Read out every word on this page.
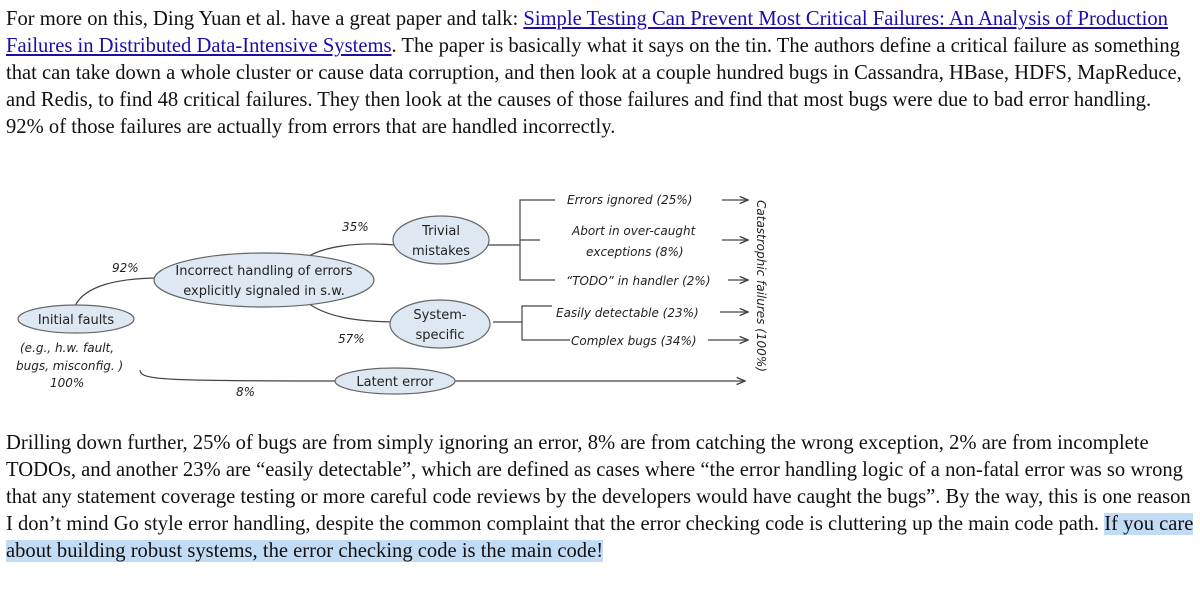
For more on this, Ding Yuan et al. have a great paper and talk: Simple Testing Can Prevent Most Critical Failures: An Analysis of Production Failures in Distributed Data-Intensive Systems. The paper is basically what it says on the tin. The authors define a critical failure as something that can take down a whole cluster or cause data corruption, and then look at a couple hundred bugs in Cassandra, HBase, HDFS, MapReduce, and Redis, to find 48 critical failures. They then look at the causes of those failures and find that most bugs were due to bad error handling. 92% of those failures are actually from errors that are handled incorrectly.

Initial faults
Incorrect handling of errors
explicitly signaled in s.w.
Trivial
mistakes
System-
specific
Latent error
(e.g., h.w. fault,
bugs, misconfig. )
100%
92%
35%
57%
8%
Errors ignored (25%)
Abort in over-caught
exceptions (8%)
“TODO” in handler (2%)
Easily detectable (23%)
Complex bugs (34%)	Catastrophic failures (100%)

Drilling down further, 25% of bugs are from simply ignoring an error, 8% are from catching the wrong exception, 2% are from incomplete TODOs, and another 23% are “easily detectable”, which are defined as cases where “the error handling logic of a non-fatal error was so wrong that any statement coverage testing or more careful code reviews by the developers would have caught the bugs”. By the way, this is one reason I don’t mind Go style error handling, despite the common complaint that the error checking code is cluttering up the main code path. If you care about building robust systems, the error checking code is the main code!
